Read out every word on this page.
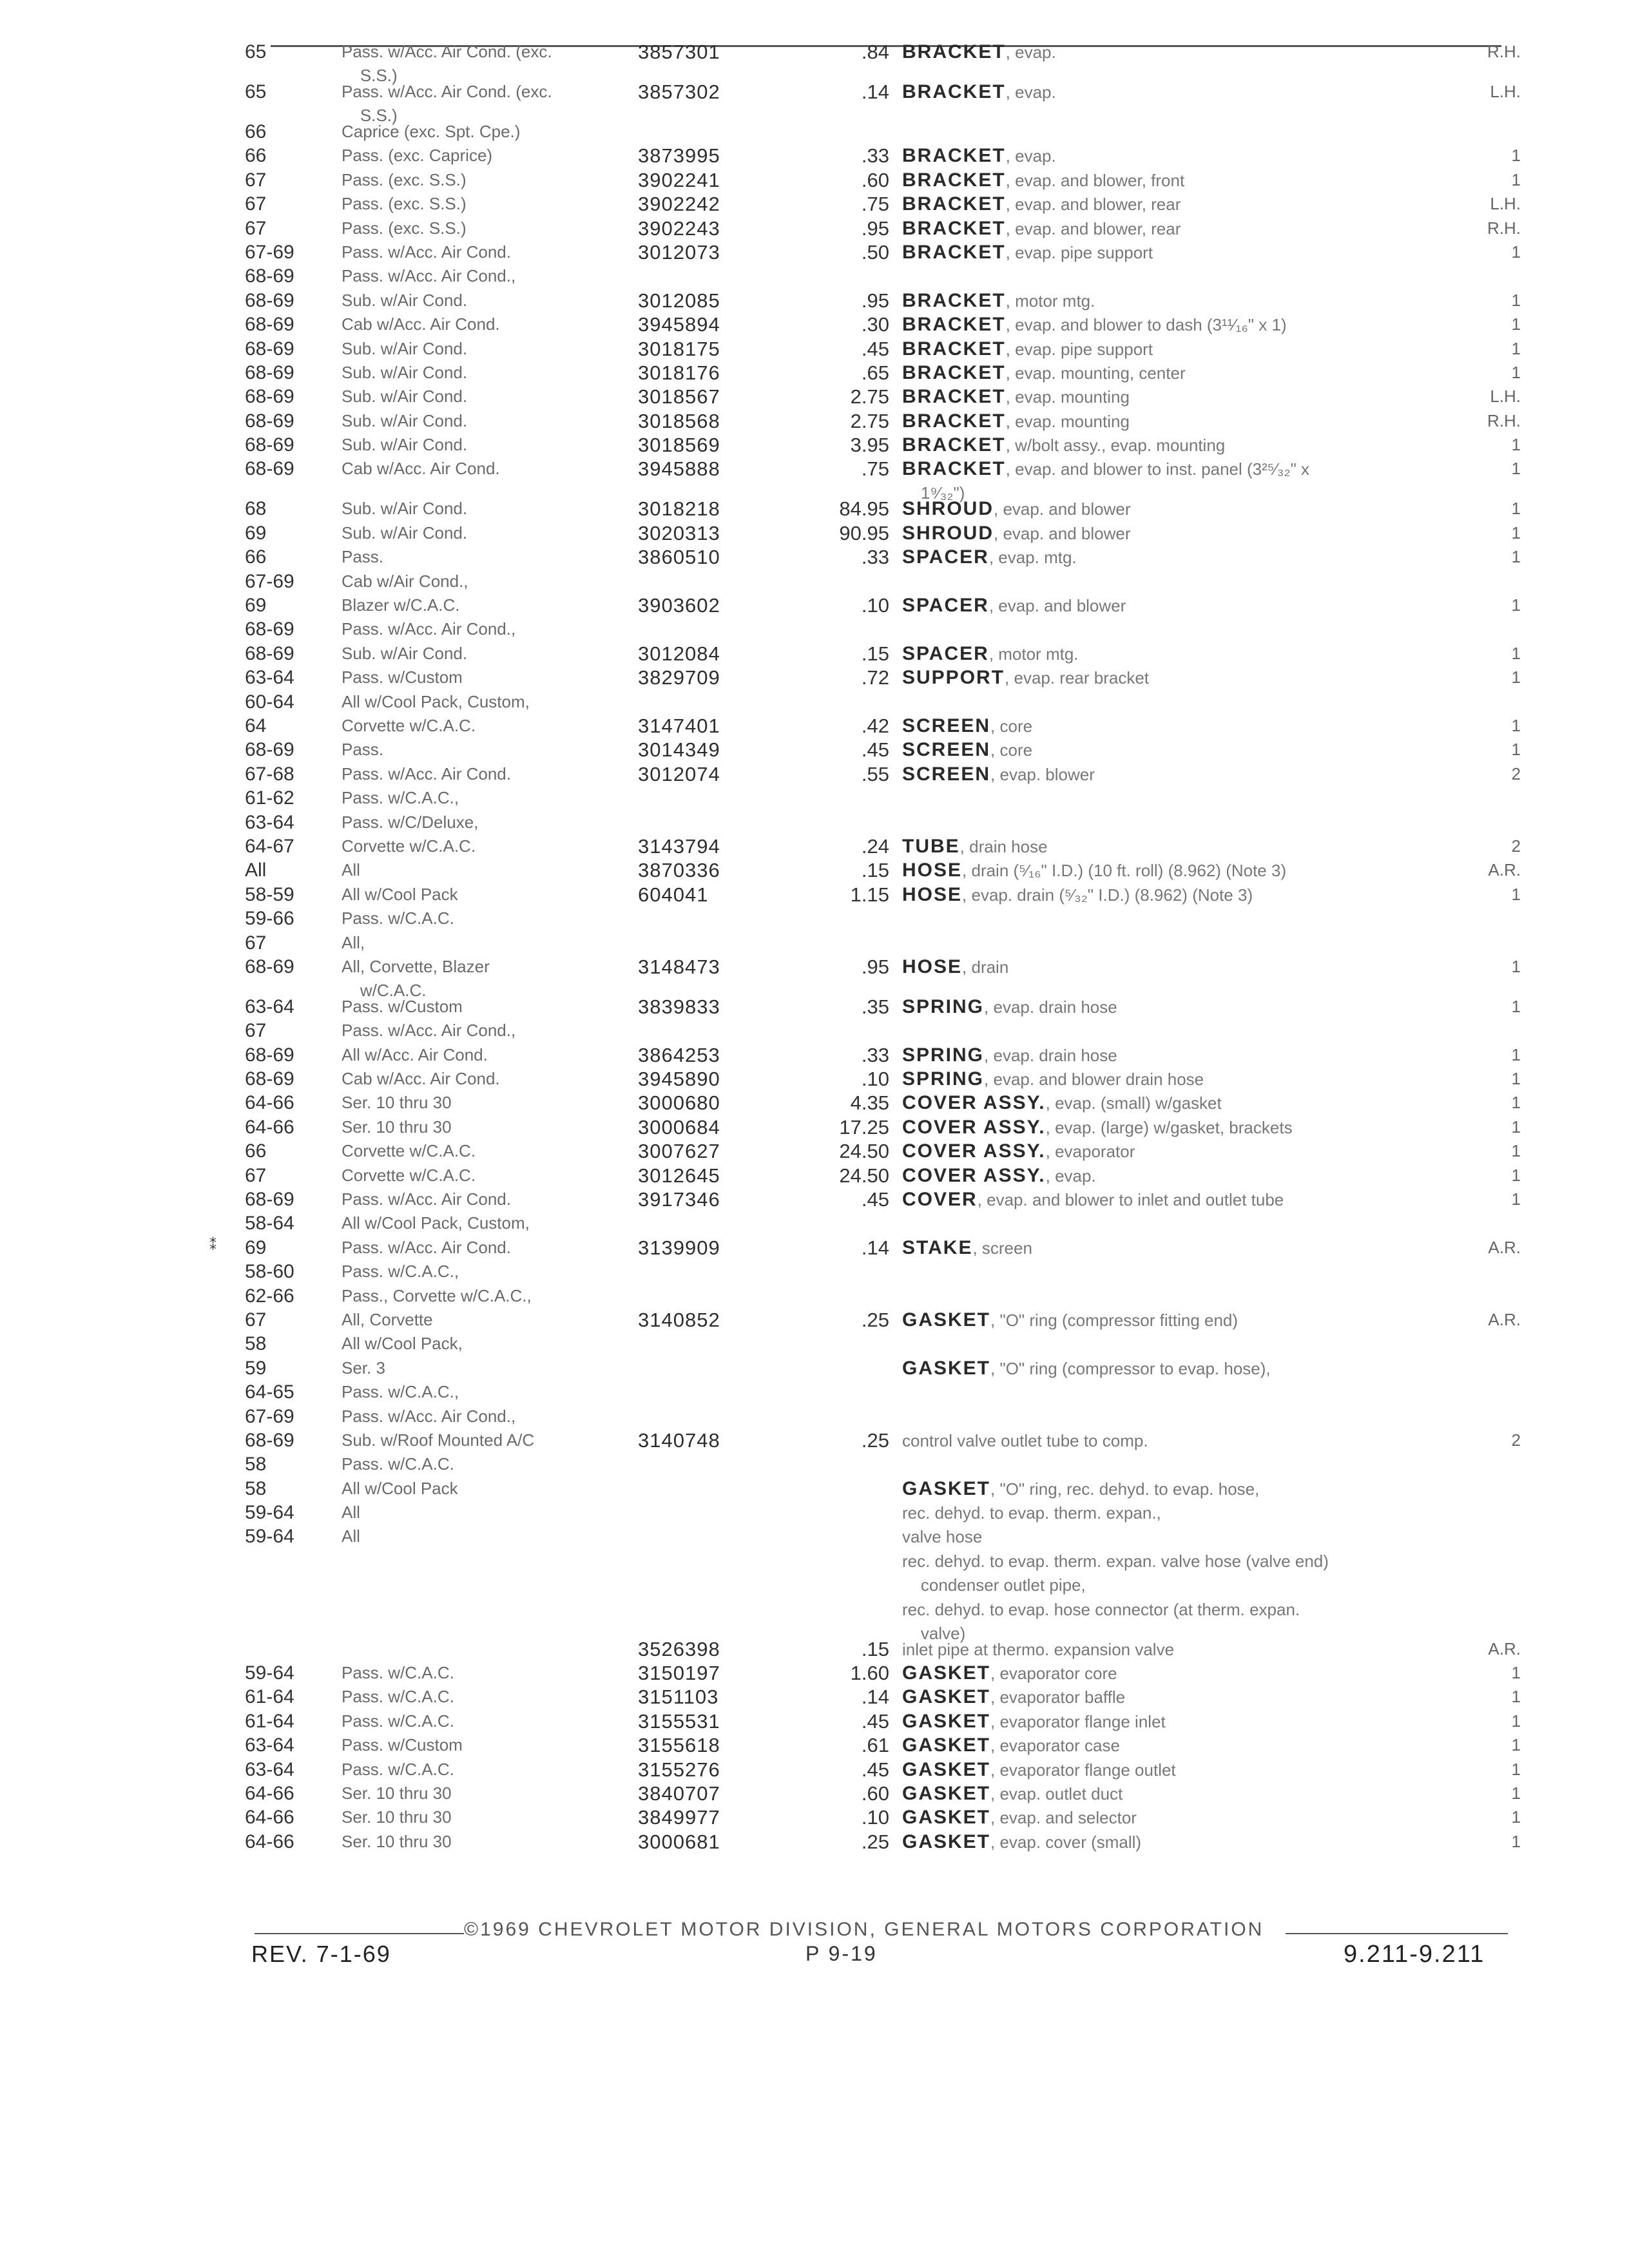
⁑
65	Pass. w/Acc. Air Cond. (exc.
S.S.)
3857301	.84 BRACKET, evap.	R.H.
65	Pass. w/Acc. Air Cond. (exc.
S.S.)
3857302	.14 BRACKET, evap.	L.H.
66	Caprice (exc. Spt. Cpe.)
66	Pass. (exc. Caprice)	3873995	.33 BRACKET, evap.	1
67	Pass. (exc. S.S.)	3902241	.60 BRACKET, evap. and blower, front	1
67	Pass. (exc. S.S.)	3902242	.75 BRACKET, evap. and blower, rear	L.H.
67	Pass. (exc. S.S.)	3902243	.95 BRACKET, evap. and blower, rear	R.H.
67-69	Pass. w/Acc. Air Cond.	3012073	.50 BRACKET, evap. pipe support	1
68-69	Pass. w/Acc. Air Cond.,
68-69	Sub. w/Air Cond.	3012085	.95 BRACKET, motor mtg.	1
68-69	Cab w/Acc. Air Cond.	3945894	.30 BRACKET, evap. and blower to dash (3¹¹⁄₁₆" x 1)	1
68-69	Sub. w/Air Cond.	3018175	.45 BRACKET, evap. pipe support	1
68-69	Sub. w/Air Cond.	3018176	.65 BRACKET, evap. mounting, center	1
68-69	Sub. w/Air Cond.	3018567	2.75 BRACKET, evap. mounting	L.H.
68-69	Sub. w/Air Cond.	3018568	2.75 BRACKET, evap. mounting	R.H.
68-69	Sub. w/Air Cond.	3018569	3.95 BRACKET, w/bolt assy., evap. mounting	1
68-69	Cab w/Acc. Air Cond.	3945888	.75 BRACKET, evap. and blower to inst. panel (3²⁵⁄₃₂" x
1⁹⁄₃₂")
1
68	Sub. w/Air Cond.	3018218	84.95 SHROUD, evap. and blower	1
69	Sub. w/Air Cond.	3020313	90.95 SHROUD, evap. and blower	1
66	Pass.	3860510	.33 SPACER, evap. mtg.	1
67-69	Cab w/Air Cond.,
69	Blazer w/C.A.C.	3903602	.10 SPACER, evap. and blower	1
68-69	Pass. w/Acc. Air Cond.,
68-69	Sub. w/Air Cond.	3012084	.15 SPACER, motor mtg.	1
63-64	Pass. w/Custom	3829709	.72 SUPPORT, evap. rear bracket	1
60-64	All w/Cool Pack, Custom,
64	Corvette w/C.A.C.	3147401	.42 SCREEN, core	1
68-69	Pass.	3014349	.45 SCREEN, core	1
67-68	Pass. w/Acc. Air Cond.	3012074	.55 SCREEN, evap. blower	2
61-62	Pass. w/C.A.C.,
63-64	Pass. w/C/Deluxe,
64-67	Corvette w/C.A.C.	3143794	.24 TUBE, drain hose	2
All	All	3870336	.15 HOSE, drain (⁵⁄₁₆" I.D.) (10 ft. roll) (8.962) (Note 3)	A.R.
58-59	All w/Cool Pack	604041	1.15 HOSE, evap. drain (⁵⁄₃₂" I.D.) (8.962) (Note 3)	1
59-66	Pass. w/C.A.C.
67	All,
68-69	All, Corvette, Blazer
w/C.A.C.
3148473	.95 HOSE, drain	1
63-64	Pass. w/Custom	3839833	.35 SPRING, evap. drain hose	1
67	Pass. w/Acc. Air Cond.,
68-69	All w/Acc. Air Cond.	3864253	.33 SPRING, evap. drain hose	1
68-69	Cab w/Acc. Air Cond.	3945890	.10 SPRING, evap. and blower drain hose	1
64-66	Ser. 10 thru 30	3000680	4.35 COVER ASSY., evap. (small) w/gasket	1
64-66	Ser. 10 thru 30	3000684	17.25 COVER ASSY., evap. (large) w/gasket, brackets	1
66	Corvette w/C.A.C.	3007627	24.50 COVER ASSY., evaporator	1
67	Corvette w/C.A.C.	3012645	24.50 COVER ASSY., evap.	1
68-69	Pass. w/Acc. Air Cond.	3917346	.45 COVER, evap. and blower to inlet and outlet tube	1
58-64	All w/Cool Pack, Custom,
69	Pass. w/Acc. Air Cond.	3139909	.14 STAKE, screen	A.R.
58-60	Pass. w/C.A.C.,
62-66	Pass., Corvette w/C.A.C.,
67	All, Corvette	3140852	.25 GASKET, "O" ring (compressor fitting end)	A.R.
58	All w/Cool Pack,
59	Ser. 3	GASKET, "O" ring (compressor to evap. hose),
64-65	Pass. w/C.A.C.,
67-69	Pass. w/Acc. Air Cond.,
68-69	Sub. w/Roof Mounted A/C	3140748	.25 control valve outlet tube to comp.	2
58	Pass. w/C.A.C.
58	All w/Cool Pack	GASKET, "O" ring, rec. dehyd. to evap. hose,
59-64	All	rec. dehyd. to evap. therm. expan.,
59-64	All	valve hose
rec. dehyd. to evap. therm. expan. valve hose (valve end)
condenser outlet pipe,
rec. dehyd. to evap. hose connector (at therm. expan.
valve)
3526398	.15 inlet pipe at thermo. expansion valve	A.R.
59-64	Pass. w/C.A.C.	3150197	1.60 GASKET, evaporator core	1
61-64	Pass. w/C.A.C.	3151103	.14 GASKET, evaporator baffle	1
61-64	Pass. w/C.A.C.	3155531	.45 GASKET, evaporator flange inlet	1
63-64	Pass. w/Custom	3155618	.61 GASKET, evaporator case	1
63-64	Pass. w/C.A.C.	3155276	.45 GASKET, evaporator flange outlet	1
64-66	Ser. 10 thru 30	3840707	.60 GASKET, evap. outlet duct	1
64-66	Ser. 10 thru 30	3849977	.10 GASKET, evap. and selector	1
64-66	Ser. 10 thru 30	3000681	.25 GASKET, evap. cover (small)	1
©1969 CHEVROLET MOTOR DIVISION, GENERAL MOTORS CORPORATION
REV. 7-1-69	P 9-19	9.211-9.211
